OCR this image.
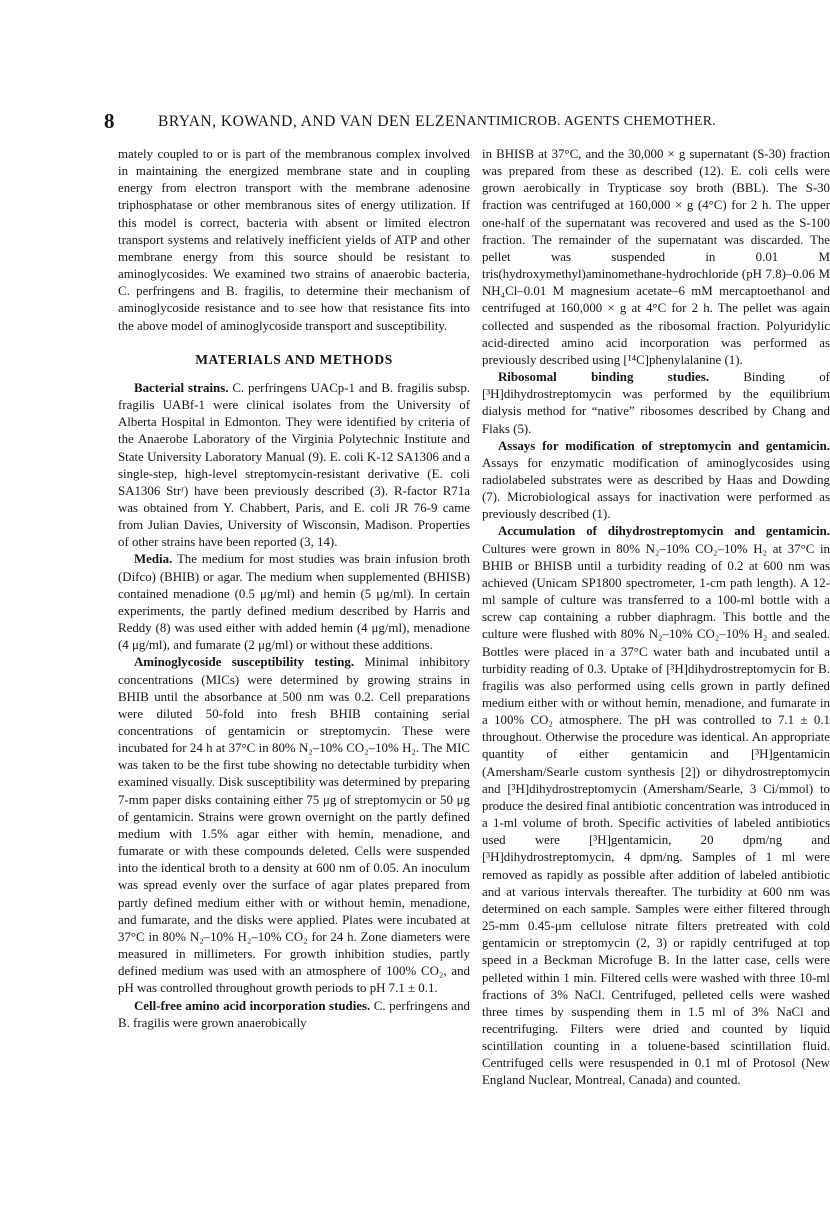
8	BRYAN, KOWAND, AND VAN DEN ELZEN ANTIMICROB. AGENTS CHEMOTHER.

mately coupled to or is part of the membranous complex involved in maintaining the energized membrane state and in coupling energy from electron transport with the membrane adenosine triphosphatase or other membranous sites of energy utilization. If this model is correct, bacteria with absent or limited electron transport systems and relatively inefficient yields of ATP and other membrane energy from this source should be resistant to aminoglycosides. We examined two strains of anaerobic bacteria, C. perfringens and B. fragilis, to determine their mechanism of aminoglycoside resistance and to see how that resistance fits into the above model of aminoglycoside transport and susceptibility.

MATERIALS AND METHODS

Bacterial strains. C. perfringens UACp-1 and B. fragilis subsp. fragilis UABf-1 were clinical isolates from the University of Alberta Hospital in Edmonton. They were identified by criteria of the Anaerobe Laboratory of the Virginia Polytechnic Institute and State University Laboratory Manual (9). E. coli K-12 SA1306 and a single-step, high-level streptomycin-resistant derivative (E. coli SA1306 Strʳ) have been previously described (3). R-factor R71a was obtained from Y. Chabbert, Paris, and E. coli JR 76-9 came from Julian Davies, University of Wisconsin, Madison. Properties of other strains have been reported (3, 14).

Media. The medium for most studies was brain infusion broth (Difco) (BHIB) or agar. The medium when supplemented (BHISB) contained menadione (0.5 μg/ml) and hemin (5 μg/ml). In certain experiments, the partly defined medium described by Harris and Reddy (8) was used either with added hemin (4 μg/ml), menadione (4 μg/ml), and fumarate (2 μg/ml) or without these additions.

Aminoglycoside susceptibility testing. Minimal inhibitory concentrations (MICs) were determined by growing strains in BHIB until the absorbance at 500 nm was 0.2. Cell preparations were diluted 50-fold into fresh BHIB containing serial concentrations of gentamicin or streptomycin. These were incubated for 24 h at 37°C in 80% N₂–10% CO₂–10% H₂. The MIC was taken to be the first tube showing no detectable turbidity when examined visually. Disk susceptibility was determined by preparing 7-mm paper disks containing either 75 μg of streptomycin or 50 μg of gentamicin. Strains were grown overnight on the partly defined medium with 1.5% agar either with hemin, menadione, and fumarate or with these compounds deleted. Cells were suspended into the identical broth to a density at 600 nm of 0.05. An inoculum was spread evenly over the surface of agar plates prepared from partly defined medium either with or without hemin, menadione, and fumarate, and the disks were applied. Plates were incubated at 37°C in 80% N₂–10% H₂–10% CO₂ for 24 h. Zone diameters were measured in millimeters. For growth inhibition studies, partly defined medium was used with an atmosphere of 100% CO₂, and pH was controlled throughout growth periods to pH 7.1 ± 0.1.

Cell-free amino acid incorporation studies. C. perfringens and B. fragilis were grown anaerobically

in BHISB at 37°C, and the 30,000 × g supernatant (S-30) fraction was prepared from these as described (12). E. coli cells were grown aerobically in Trypticase soy broth (BBL). The S-30 fraction was centrifuged at 160,000 × g (4°C) for 2 h. The upper one-half of the supernatant was recovered and used as the S-100 fraction. The remainder of the supernatant was discarded. The pellet was suspended in 0.01 M tris(hydroxymethyl)aminomethane-hydrochloride (pH 7.8)–0.06 M NH₄Cl–0.01 M magnesium acetate–6 mM mercaptoethanol and centrifuged at 160,000 × g at 4°C for 2 h. The pellet was again collected and suspended as the ribosomal fraction. Polyuridylic acid-directed amino acid incorporation was performed as previously described using [¹⁴C]phenylalanine (1).

Ribosomal binding studies.	Binding of [³H]dihydrostreptomycin was performed by the equilibrium dialysis method for “native” ribosomes described by Chang and Flaks (5).

Assays for modification of streptomycin and gentamicin. Assays for enzymatic modification of aminoglycosides using radiolabeled substrates were as described by Haas and Dowding (7). Microbiological assays for inactivation were performed as previously described (1).

Accumulation of dihydrostreptomycin and gentamicin. Cultures were grown in 80% N₂–10% CO₂–10% H₂ at 37°C in BHIB or BHISB until a turbidity reading of 0.2 at 600 nm was achieved (Unicam SP1800 spectrometer, 1-cm path length). A 12-ml sample of culture was transferred to a 100-ml bottle with a screw cap containing a rubber diaphragm. This bottle and the culture were flushed with 80% N₂–10% CO₂–10% H₂ and sealed. Bottles were placed in a 37°C water bath and incubated until a turbidity reading of 0.3. Uptake of [³H]dihydrostreptomycin for B. fragilis was also performed using cells grown in partly defined medium either with or without hemin, menadione, and fumarate in a 100% CO₂ atmosphere. The pH was controlled to 7.1 ± 0.1 throughout. Otherwise the procedure was identical. An appropriate quantity of either gentamicin and [³H]gentamicin (Amersham/Searle custom synthesis [2]) or dihydrostreptomycin and [³H]dihydrostreptomycin (Amersham/Searle, 3 Ci/mmol) to produce the desired final antibiotic concentration was introduced in a 1-ml volume of broth. Specific activities of labeled antibiotics used were [³H]gentamicin, 20 dpm/ng and [³H]dihydrostreptomycin, 4 dpm/ng. Samples of 1 ml were removed as rapidly as possible after addition of labeled antibiotic and at various intervals thereafter. The turbidity at 600 nm was determined on each sample. Samples were either filtered through 25-mm 0.45-μm cellulose nitrate filters pretreated with cold gentamicin or streptomycin (2, 3) or rapidly centrifuged at top speed in a Beckman Microfuge B. In the latter case, cells were pelleted within 1 min. Filtered cells were washed with three 10-ml fractions of 3% NaCl. Centrifuged, pelleted cells were washed three times by suspending them in 1.5 ml of 3% NaCl and recentrifuging. Filters were dried and counted by liquid scintillation counting in a toluene-based scintillation fluid. Centrifuged cells were resuspended in 0.1 ml of Protosol (New England Nuclear, Montreal, Canada) and counted.
